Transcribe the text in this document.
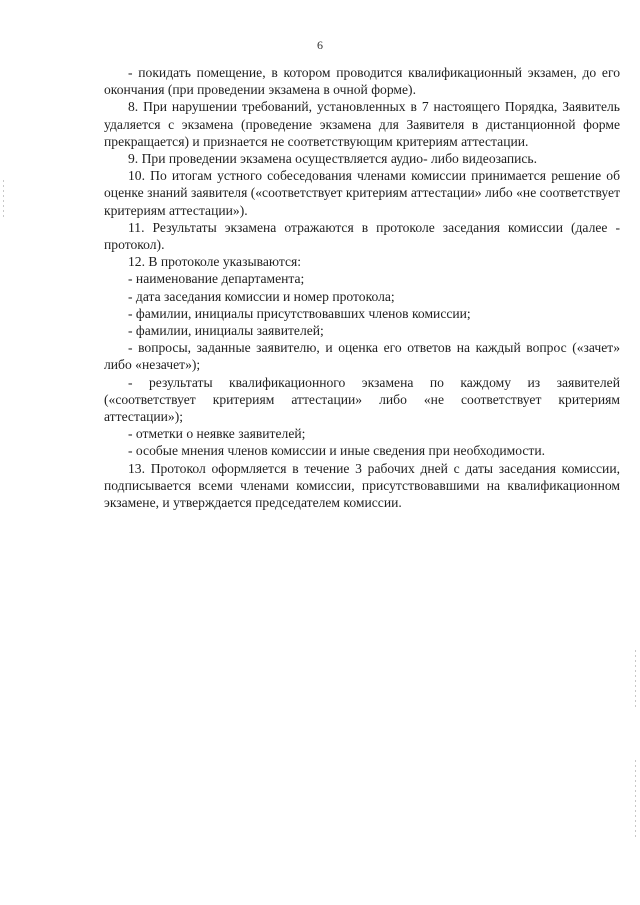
6

- покидать помещение, в котором проводится квалификационный экзамен, до его окончания (при проведении экзамена в очной форме).

8. При нарушении требований, установленных в 7 настоящего Порядка, Заявитель удаляется с экзамена (проведение экзамена для Заявителя в дистанционной форме прекращается) и признается не соответствующим критериям аттестации.

9. При проведении экзамена осуществляется аудио- либо видеозапись.

10. По итогам устного собеседования членами комиссии принимается решение об оценке знаний заявителя («соответствует критериям аттестации» либо «не соответствует критериям аттестации»).

11. Результаты экзамена отражаются в протоколе заседания комиссии (далее - протокол).

12. В протоколе указываются:

- наименование департамента;

- дата заседания комиссии и номер протокола;

- фамилии, инициалы присутствовавших членов комиссии;

- фамилии, инициалы заявителей;

- вопросы, заданные заявителю, и оценка его ответов на каждый вопрос («зачет» либо «незачет»);

- результаты квалификационного экзамена по каждому из заявителей («соответствует критериям аттестации» либо «не соответствует критериям аттестации»);

- отметки о неявке заявителей;

- особые мнения членов комиссии и иные сведения при необходимости.

13. Протокол оформляется в течение 3 рабочих дней с даты заседания комиссии, подписывается всеми членами комиссии, присутствовавшими на квалификационном экзамене, и утверждается председателем комиссии.
